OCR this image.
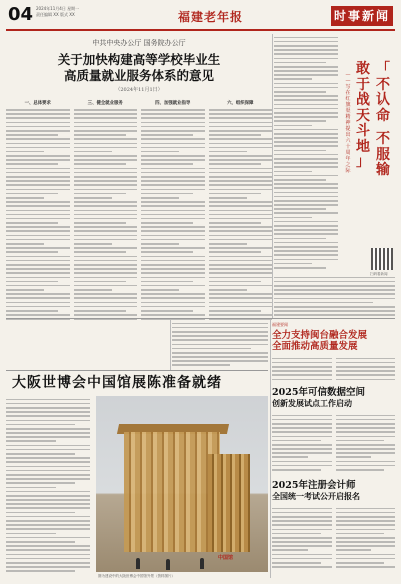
04 2024年11月4日 星期一
责任编辑 XX 版式 XX	福建老年报	时事新闻
中共中央办公厅 国务院办公厅
关于加快构建高等学校毕业生
高质量就业服务体系的意见
（2024年11月1日）
一、总体要求	三、健全就业服务	四、加强就业指导	六、组织保障
「
不
认
命
不
服
输
敢
于
战
天
斗
地
」
—
—
写
在
红
旗
渠
精
神
提
出
六
十
周
年
之
际
扫码看新闻
福建要闻
全力支持闽台融合发展
全面推动高质量发展
2025年可信数据空间
创新发展试点工作启动
2025年注册会计师
全国统一考试公开启报名
大阪世博会中国馆展陈准备就绪
中国馆
图为建设中的大阪世博会中国馆外景（资料图片）
